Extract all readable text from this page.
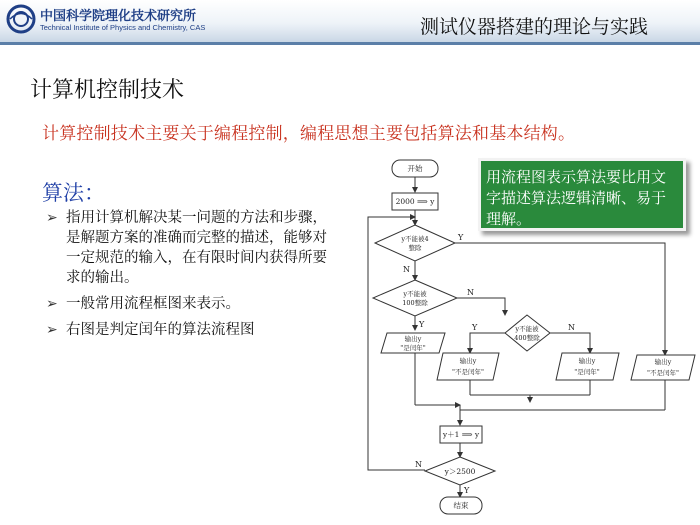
中国科学院理化技术研究所
Technical Institute of Physics and Chemistry, CAS	测试仪器搭建的理论与实践
计算机控制技术
计算控制技术主要关于编程控制，编程思想主要包括算法和基本结构。
算法：
➢ 指用计算机解决某一问题的方法和步骤，是解题方案的准确而完整的描述，能够对一定规范的输入，在有限时间内获得所要求的输出。
➢ 一般常用流程框图来表示。
➢ 右图是判定闰年的算法流程图
开始
2000 ⟹ y
y不能被4
整除
y不能被
100整除
y不能被
400整除
输出y
"是闰年"
输出y
"不是闰年"
输出y
"是闰年"
输出y
"不是闰年"
y＋1 ⟹ y
y＞2500
结束
Y
N
N
Y	Y	N
N
Y
用流程图表示算法要比用文字描述算法逻辑清晰、易于理解。
